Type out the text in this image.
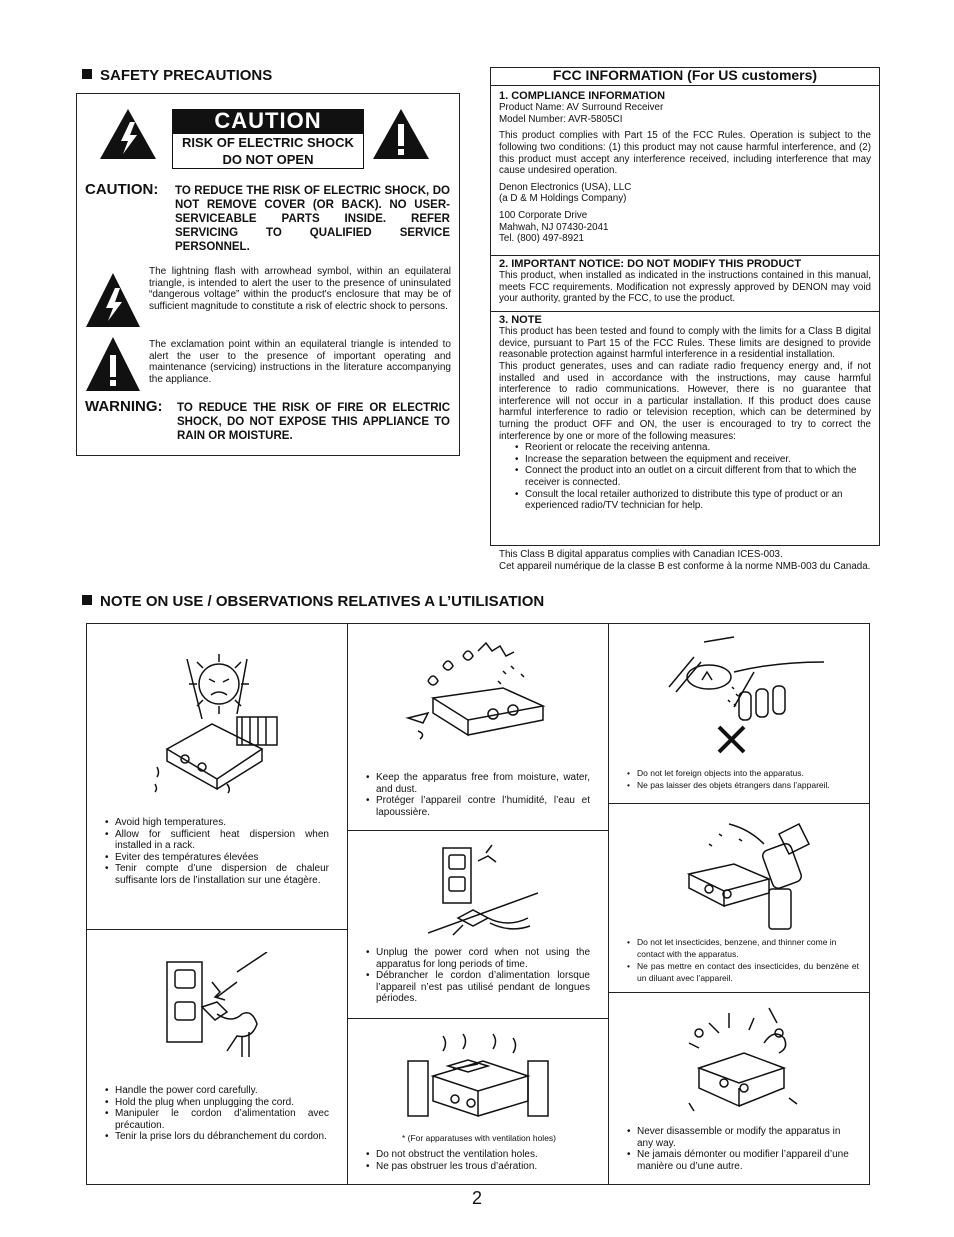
SAFETY PRECAUTIONS
CAUTION
RISK OF ELECTRIC SHOCK
DO NOT OPEN
CAUTION: TO REDUCE THE RISK OF ELECTRIC SHOCK, DO NOT REMOVE COVER (OR BACK). NO USER-SERVICEABLE PARTS INSIDE. REFER SERVICING TO QUALIFIED SERVICE PERSONNEL.
The lightning flash with arrowhead symbol, within an equilateral triangle, is intended to alert the user to the presence of uninsulated “dangerous voltage” within the product's enclosure that may be of sufficient magnitude to constitute a risk of electric shock to persons.
The exclamation point within an equilateral triangle is intended to alert the user to the presence of important operating and maintenance (servicing) instructions in the literature accompanying the appliance.
WARNING: TO REDUCE THE RISK OF FIRE OR ELECTRIC SHOCK, DO NOT EXPOSE THIS APPLIANCE TO RAIN OR MOISTURE.
FCC INFORMATION (For US customers)
1. COMPLIANCE INFORMATION
Product Name: AV Surround Receiver

Model Number: AVR-5805CI

This product complies with Part 15 of the FCC Rules. Operation is subject to the following two conditions: (1) this product may not cause harmful interference, and (2) this product must accept any interference received, including interference that may cause undesired operation.

Denon Electronics (USA), LLC

(a D & M Holdings Company)

100 Corporate Drive
Mahwah, NJ 07430-2041
Tel. (800) 497-8921
2. IMPORTANT NOTICE: DO NOT MODIFY THIS PRODUCT
This product, when installed as indicated in the instructions contained in this manual, meets FCC requirements. Modification not expressly approved by DENON may void your authority, granted by the FCC, to use the product.
3. NOTE
This product has been tested and found to comply with the limits for a Class B digital device, pursuant to Part 15 of the FCC Rules. These limits are designed to provide reasonable protection against harmful interference in a residential installation.
This product generates, uses and can radiate radio frequency energy and, if not installed and used in accordance with the instructions, may cause harmful interference to radio communications. However, there is no guarantee that interference will not occur in a particular installation. If this product does cause harmful interference to radio or television reception, which can be determined by turning the product OFF and ON, the user is encouraged to try to correct the interference by one or more of the following measures:
• Reorient or relocate the receiving antenna.
• Increase the separation between the equipment and receiver.
• Connect the product into an outlet on a circuit different from that to which the receiver is connected.
• Consult the local retailer authorized to distribute this type of product or an experienced radio/TV technician for help.
This Class B digital apparatus complies with Canadian ICES-003.
Cet appareil numérique de la classe B est conforme à la norme NMB-003 du Canada.
NOTE ON USE / OBSERVATIONS RELATIVES A L’UTILISATION
• Avoid high temperatures.
• Allow for sufficient heat dispersion when installed in a rack.
• Eviter des températures élevées
• Tenir compte d’une dispersion de chaleur suffisante lors de l’installation sur une étagère.
• Handle the power cord carefully.
• Hold the plug when unplugging the cord.
• Manipuler le cordon d’alimentation avec précaution.
• Tenir la prise lors du débranchement du cordon.
• Keep the apparatus free from moisture, water, and dust.
• Protéger l’appareil contre l’humidité, l’eau et lapoussière.
• Unplug the power cord when not using the apparatus for long periods of time.
• Débrancher le cordon d’alimentation lorsque l’appareil n’est pas utilisé pendant de longues périodes.
* (For apparatuses with ventilation holes)
• Do not obstruct the ventilation holes.
• Ne pas obstruer les trous d’aération.
• Do not let foreign objects into the apparatus.
• Ne pas laisser des objets étrangers dans l’appareil.
• Do not let insecticides, benzene, and thinner come in contact with the apparatus.
• Ne pas mettre en contact des insecticides, du benzène et un diluant avec l’appareil.
• Never disassemble or modify the apparatus in any way.
• Ne jamais démonter ou modifier l’appareil d’une manière ou d’une autre.
2
